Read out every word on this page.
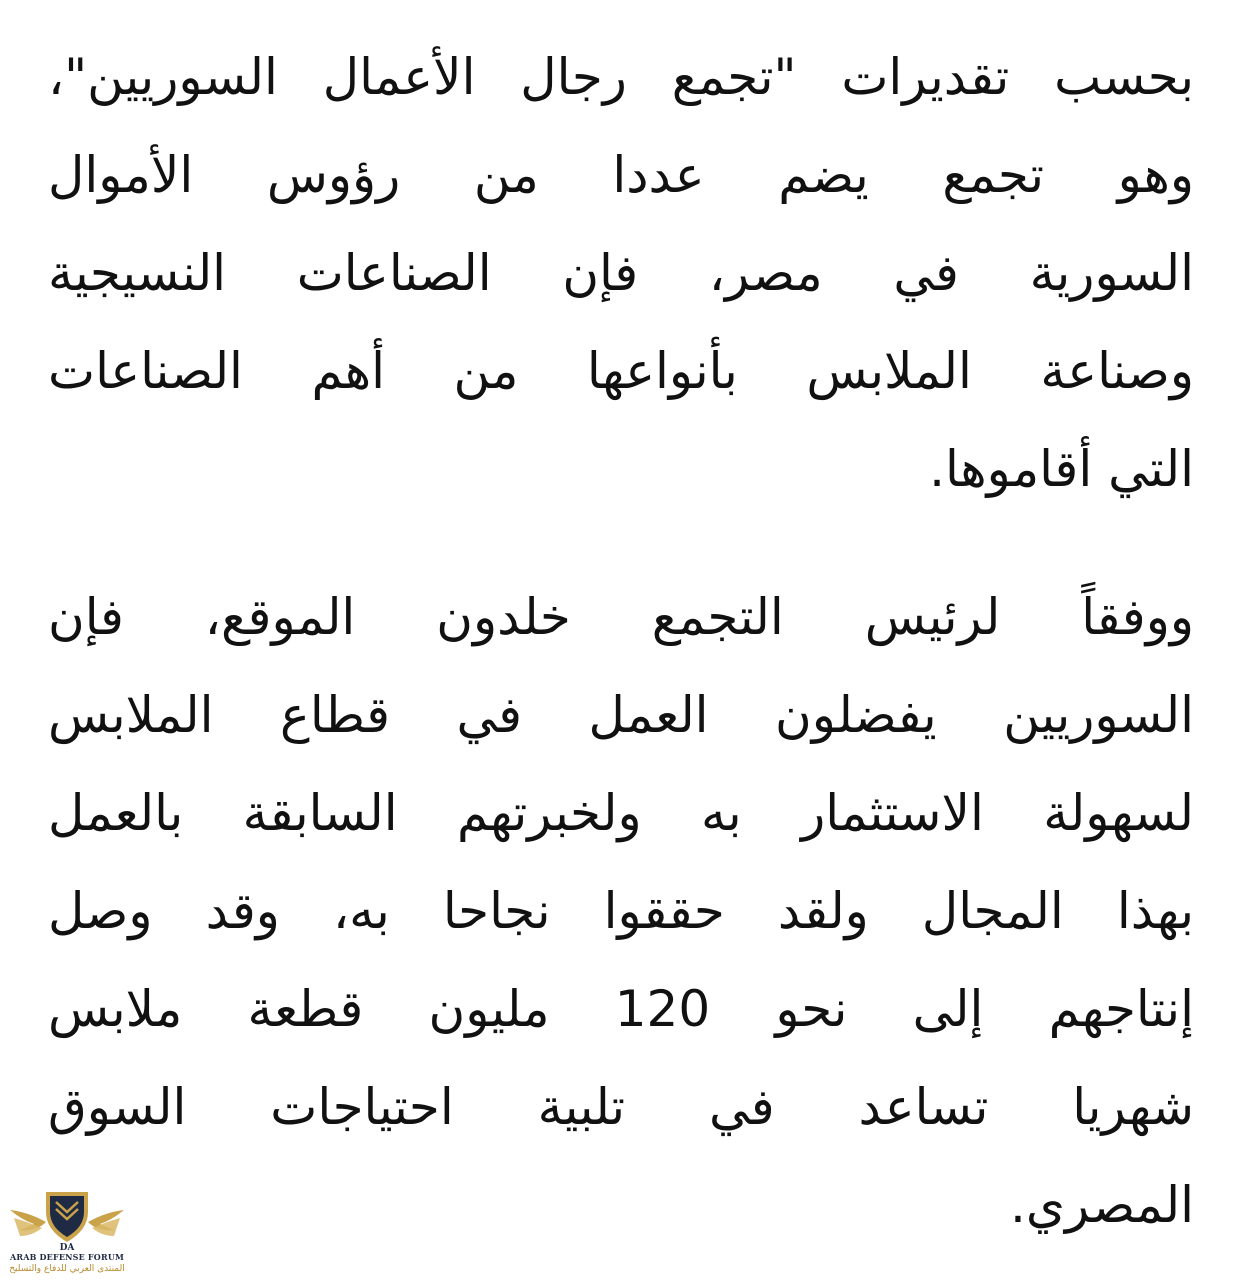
بحسب تقديرات "تجمع رجال الأعمال السوريين"،
وهو تجمع يضم عددا من رؤوس الأموال
السورية في مصر، فإن الصناعات النسيجية
وصناعة الملابس بأنواعها من أهم الصناعات
التي أقاموها.

ووفقاً لرئيس التجمع خلدون الموقع، فإن
السوريين يفضلون العمل في قطاع الملابس
لسهولة الاستثمار به ولخبرتهم السابقة بالعمل
بهذا المجال ولقد حققوا نجاحا به، وقد وصل
إنتاجهم إلى نحو 120 مليون قطعة ملابس
شهريا تساعد في تلبية احتياجات السوق
المصري.

DA
ARAB DEFENSE FORUM
المنتدى العربي للدفاع والتسليح
